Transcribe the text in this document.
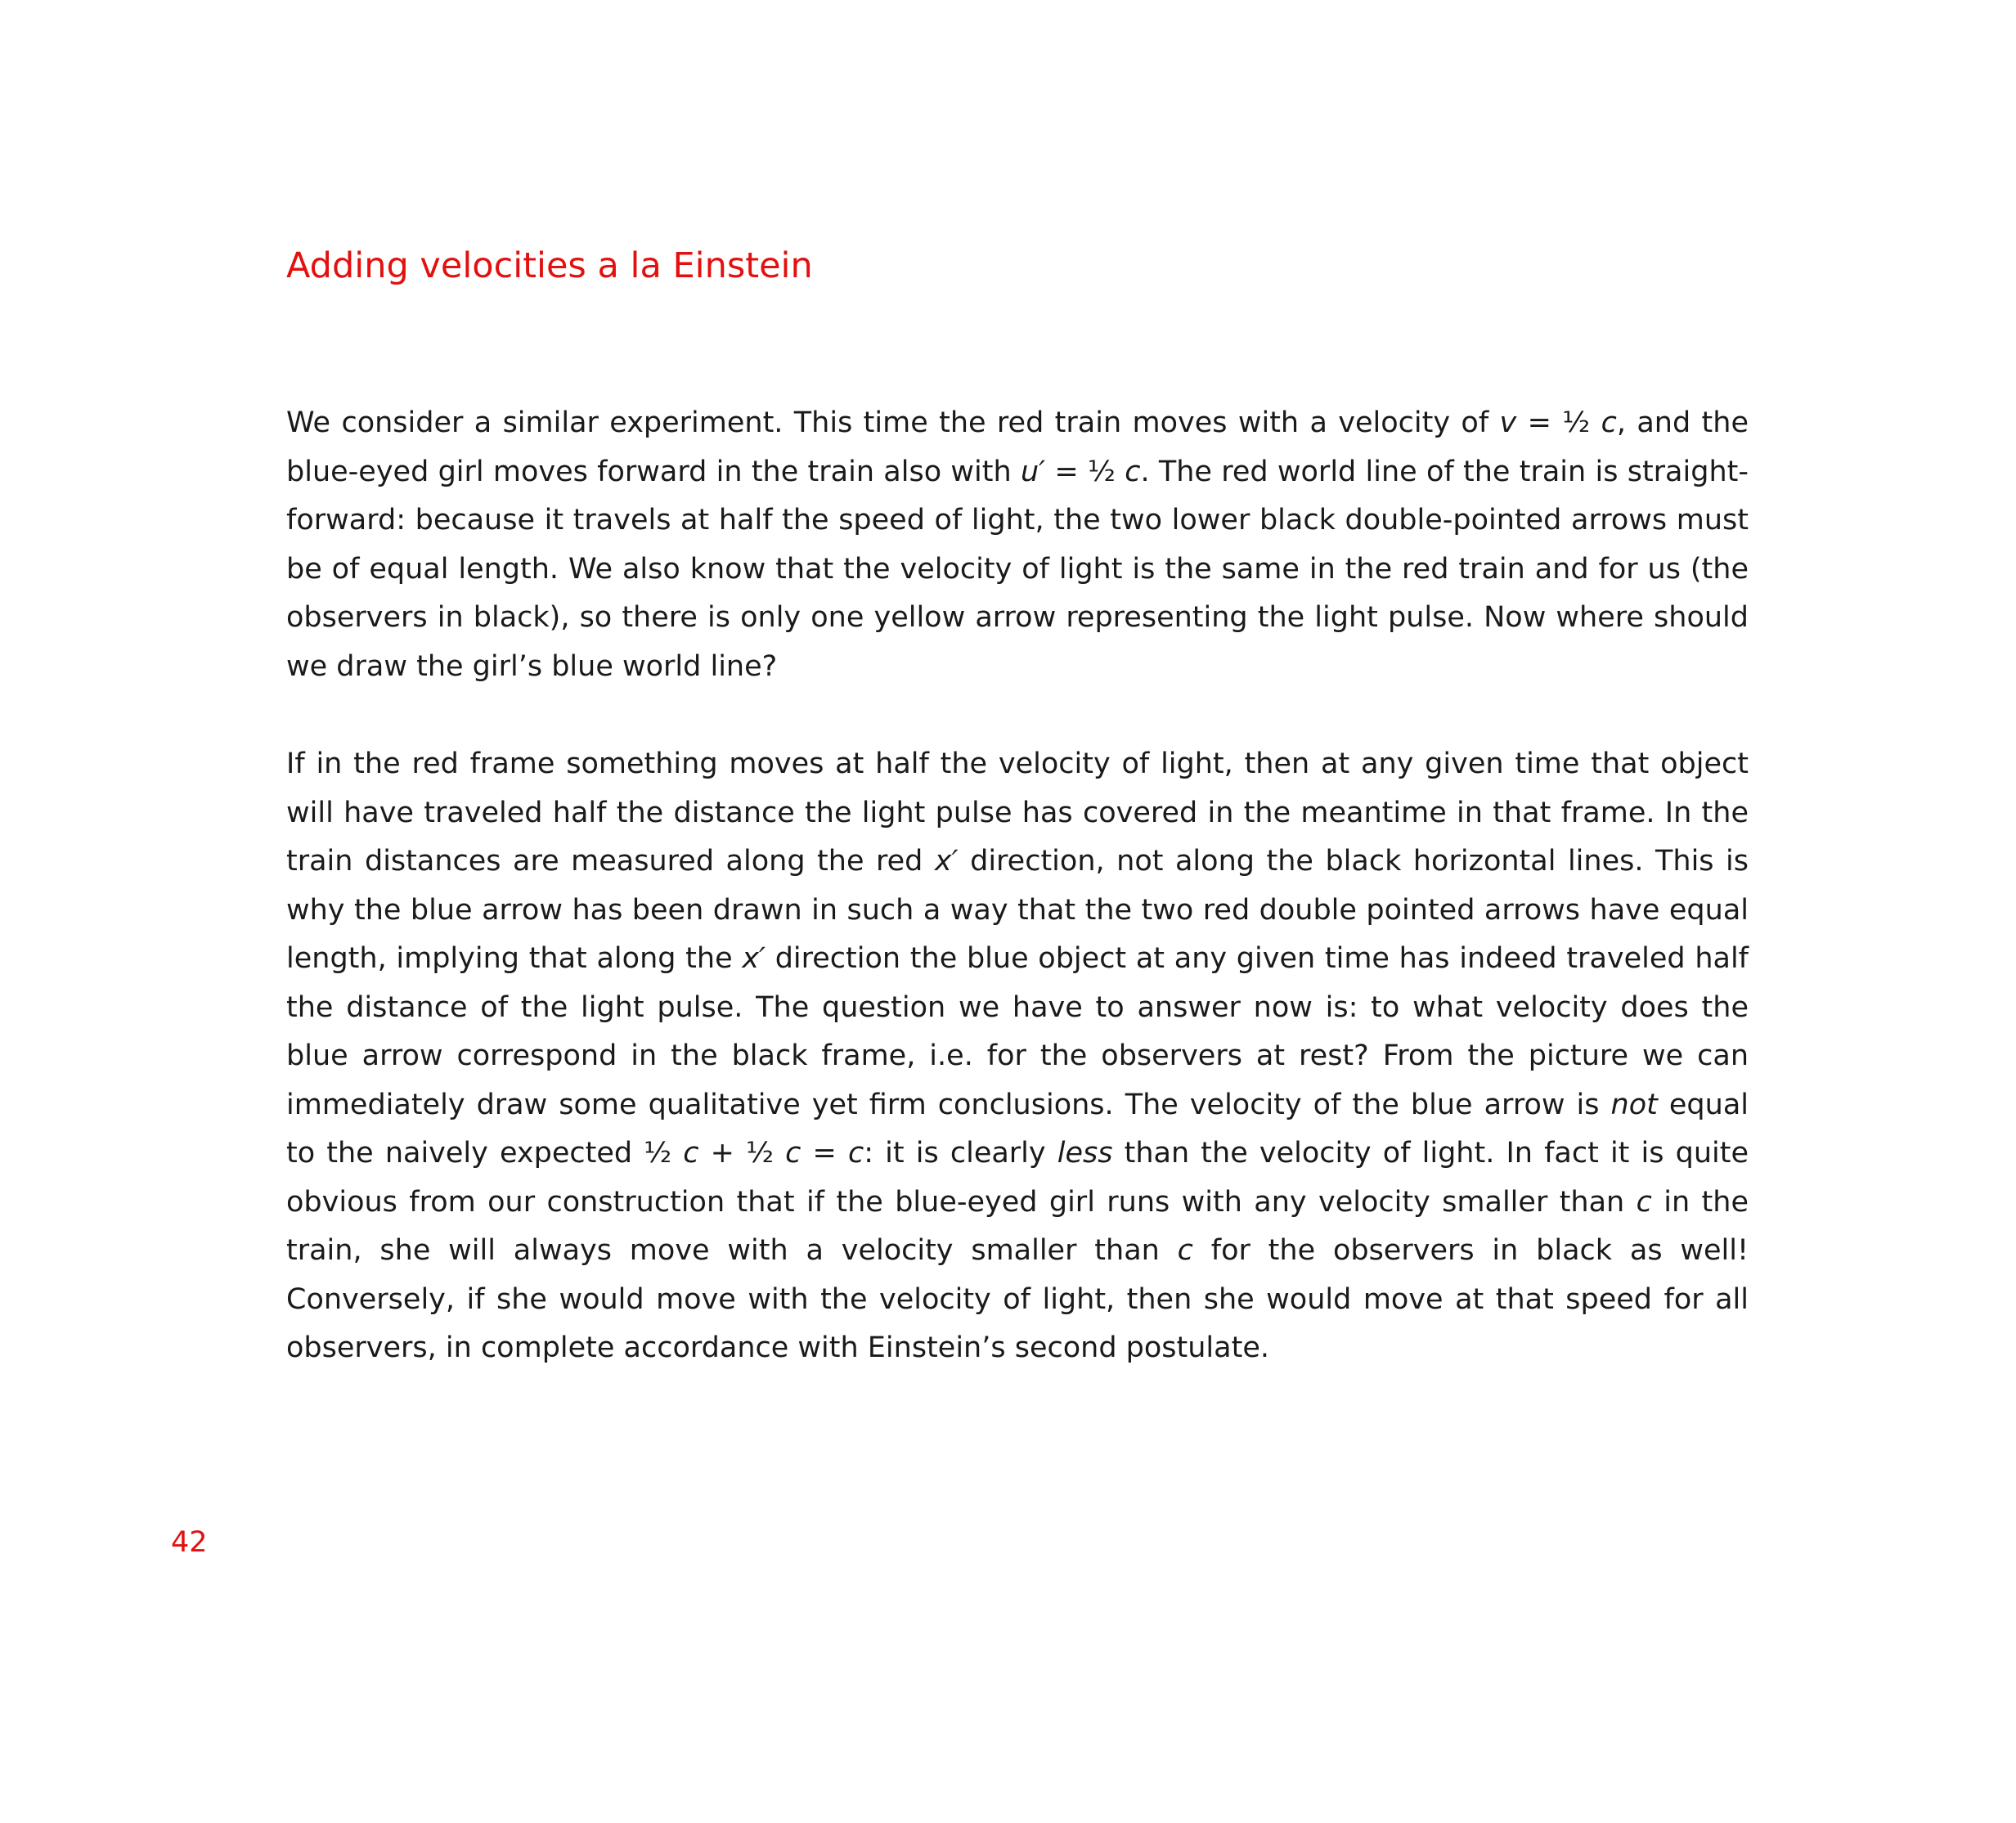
Adding velocities a la Einstein

We consider a similar experiment. This time the red train moves with a velocity of v = ½ c, and the blue-eyed girl moves forward in the train also with u′ = ½ c. The red world line of the train is straightforward: because it travels at half the speed of light, the two lower black double-pointed arrows must be of equal length. We also know that the velocity of light is the same in the red train and for us (the observers in black), so there is only one yellow arrow representing the light pulse. Now where should we draw the girl’s blue world line?

If in the red frame something moves at half the velocity of light, then at any given time that object will have traveled half the distance the light pulse has covered in the meantime in that frame. In the train distances are measured along the red x′ direction, not along the black horizontal lines. This is why the blue arrow has been drawn in such a way that the two red double pointed arrows have equal length, implying that along the x′ direction the blue object at any given time has indeed traveled half the distance of the light pulse. The question we have to answer now is: to what velocity does the blue arrow correspond in the black frame, i.e. for the observers at rest? From the picture we can immediately draw some qualitative yet firm conclusions. The velocity of the blue arrow is not equal to the naively expected ½ c + ½ c = c: it is clearly less than the velocity of light. In fact it is quite obvious from our construction that if the blue-eyed girl runs with any velocity smaller than c in the train, she will always move with a velocity smaller than c for the observers in black as well! Conversely, if she would move with the velocity of light, then she would move at that speed for all observers, in complete accordance with Einstein’s second postulate.

42
